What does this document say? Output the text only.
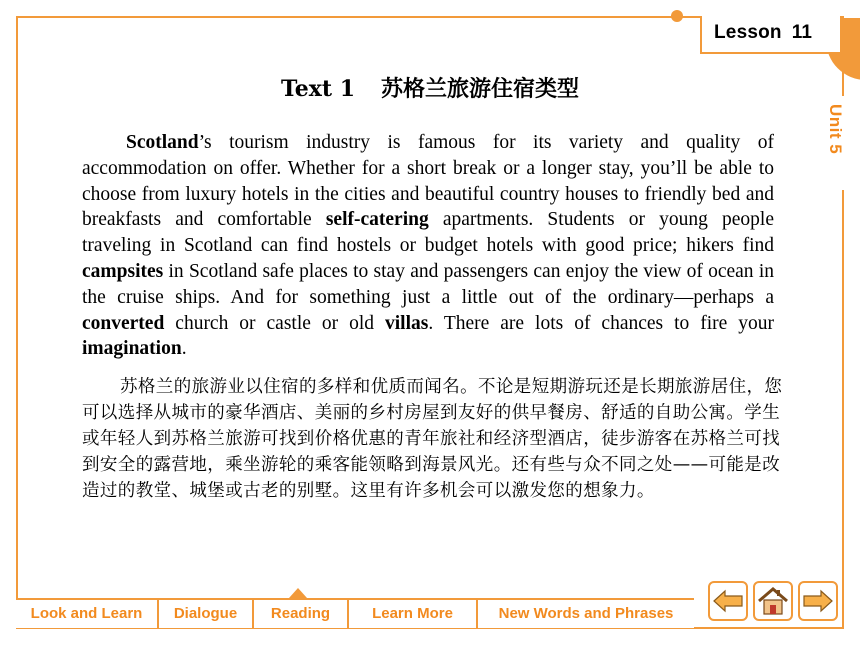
Lesson 11
Unit 5
Text 1 苏格兰旅游住宿类型

Scotland’s tourism industry is famous for its variety and quality of accommodation on offer. Whether for a short break or a longer stay, you’ll be able to choose from luxury hotels in the cities and beautiful country houses to friendly bed and breakfasts and comfortable self-catering apartments. Students or young people traveling in Scotland can find hostels or budget hotels with good price; hikers find campsites in Scotland safe places to stay and passengers can enjoy the view of ocean in the cruise ships. And for something just a little out of the ordinary—perhaps a converted church or castle or old villas. There are lots of chances to fire your imagination.

苏格兰的旅游业以住宿的多样和优质而闻名。不论是短期游玩还是长期旅游居住，您可以选择从城市的豪华酒店、美丽的乡村房屋到友好的供早餐房、舒适的自助公寓。学生或年轻人到苏格兰旅游可找到价格优惠的青年旅社和经济型酒店，徒步游客在苏格兰可找到安全的露营地，乘坐游轮的乘客能领略到海景风光。还有些与众不同之处——可能是改造过的教堂、城堡或古老的别墅。这里有许多机会可以激发您的想象力。

Look and Learn	Dialogue	Reading	Learn More	New Words and Phrases
